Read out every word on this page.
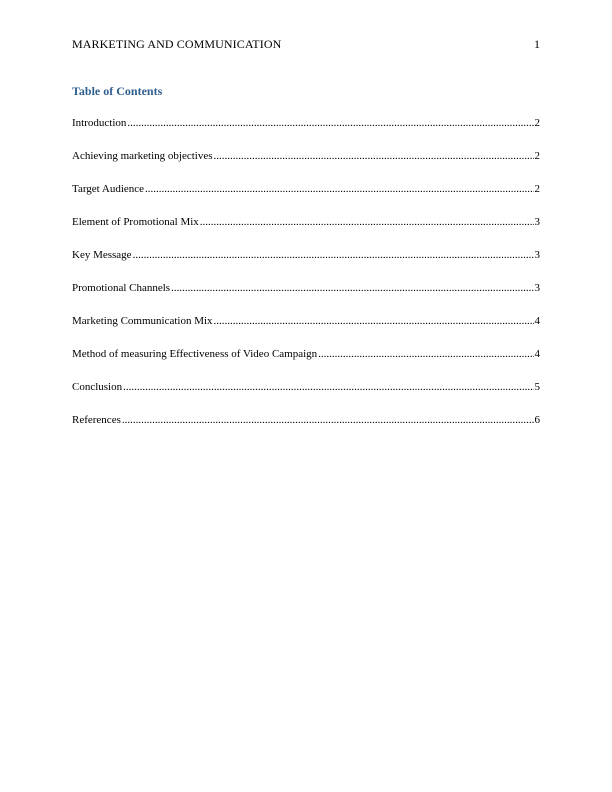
MARKETING AND COMMUNICATION	1
Table of Contents
Introduction .....	2
Achieving marketing objectives .....	2
Target Audience .....	2
Element of Promotional Mix .....	3
Key Message .....	3
Promotional Channels .....	3
Marketing Communication Mix .....	4
Method of measuring Effectiveness of Video Campaign .....	4
Conclusion .....	5
References .....	6
